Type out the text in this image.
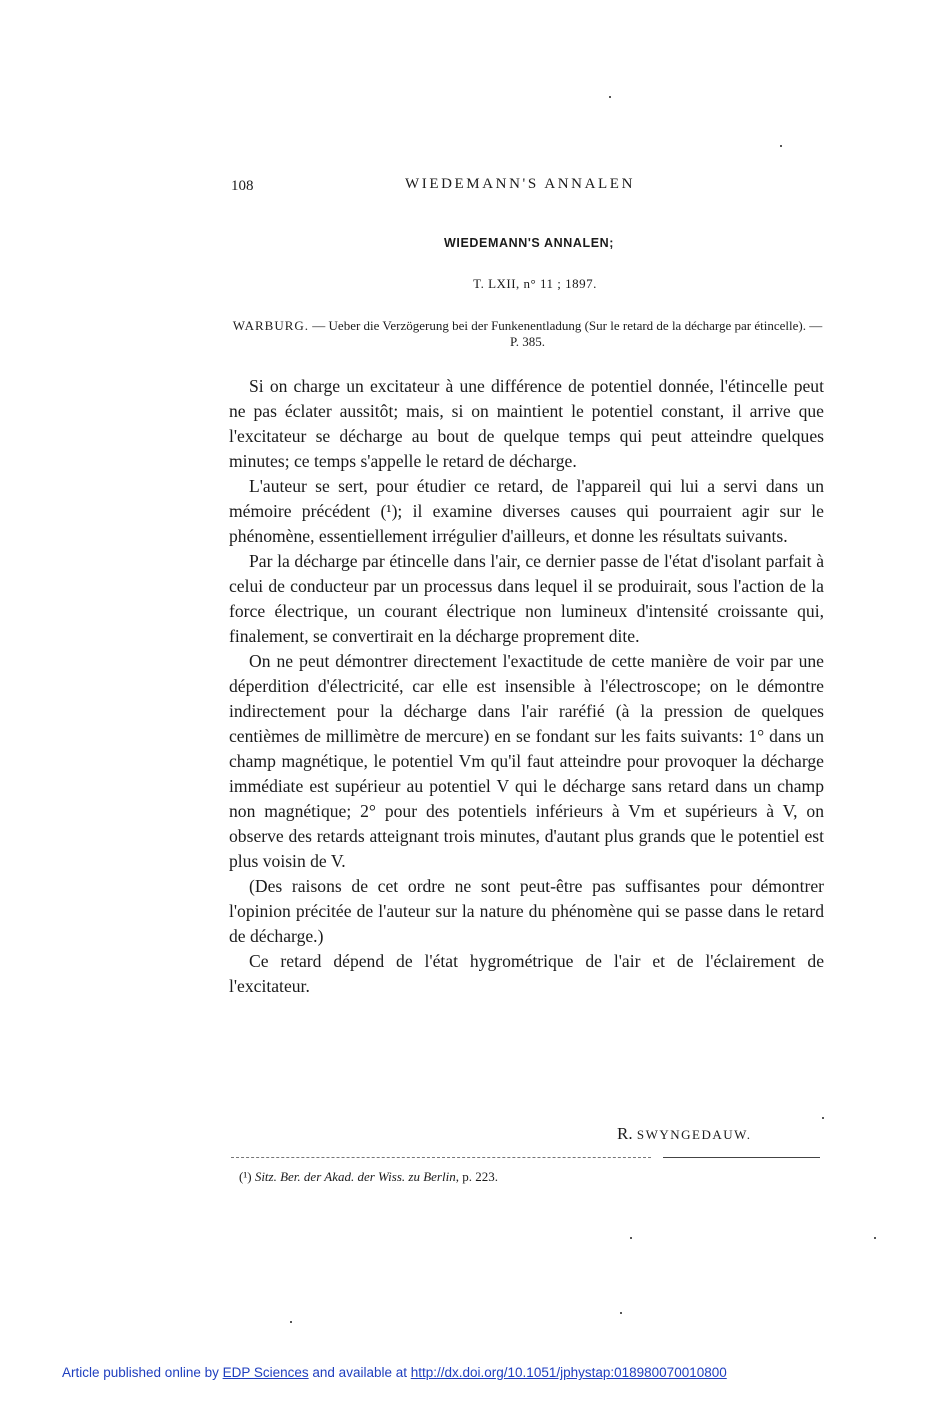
108	WIEDEMANN'S ANNALEN
WIEDEMANN'S ANNALEN;
T. LXII, n° 11 ; 1897.
WARBURG. — Ueber die Verzögerung bei der Funkenentladung (Sur le retard de la décharge par étincelle). — P. 385.

Si on charge un excitateur à une différence de potentiel donnée, l'étincelle peut ne pas éclater aussitôt; mais, si on maintient le potentiel constant, il arrive que l'excitateur se décharge au bout de quelque temps qui peut atteindre quelques minutes; ce temps s'appelle le retard de décharge.

L'auteur se sert, pour étudier ce retard, de l'appareil qui lui a servi dans un mémoire précédent (¹); il examine diverses causes qui pourraient agir sur le phénomène, essentiellement irrégulier d'ailleurs, et donne les résultats suivants.

Par la décharge par étincelle dans l'air, ce dernier passe de l'état d'isolant parfait à celui de conducteur par un processus dans lequel il se produirait, sous l'action de la force électrique, un courant électrique non lumineux d'intensité croissante qui, finalement, se convertirait en la décharge proprement dite.

On ne peut démontrer directement l'exactitude de cette manière de voir par une déperdition d'électricité, car elle est insensible à l'électroscope; on le démontre indirectement pour la décharge dans l'air raréfié (à la pression de quelques centièmes de millimètre de mercure) en se fondant sur les faits suivants: 1° dans un champ magnétique, le potentiel Vm qu'il faut atteindre pour provoquer la décharge immédiate est supérieur au potentiel V qui le décharge sans retard dans un champ non magnétique; 2° pour des potentiels inférieurs à Vm et supérieurs à V, on observe des retards atteignant trois minutes, d'autant plus grands que le potentiel est plus voisin de V.

(Des raisons de cet ordre ne sont peut-être pas suffisantes pour démontrer l'opinion précitée de l'auteur sur la nature du phénomène qui se passe dans le retard de décharge.)

Ce retard dépend de l'état hygrométrique de l'air et de l'éclairement de l'excitateur.

R. SWYNGEDAUW.
(¹) Sitz. Ber. der Akad. der Wiss. zu Berlin, p. 223.
Article published online by EDP Sciences and available at http://dx.doi.org/10.1051/jphystap:018980070010800
